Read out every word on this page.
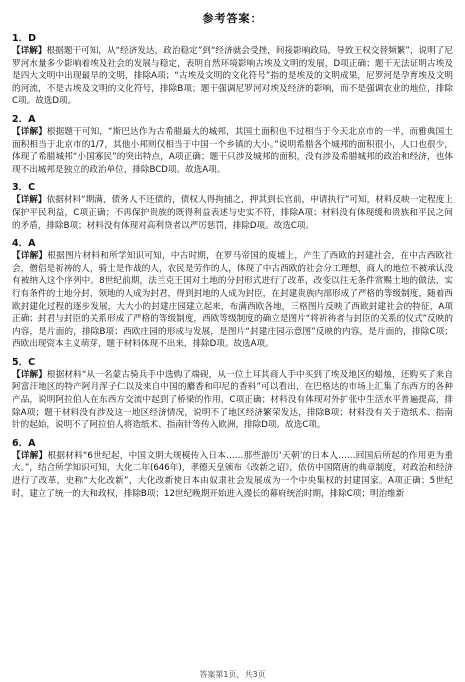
参考答案：
1．D
【详解】根据题干可知，从“经济发达，政治稳定”到“经济就会受挫，间接影响政局，导致王权交替频繁”，说明了尼罗河水量多少影响着埃及社会的发展与稳定，表明自然环境影响古埃及文明的发展，D项正确；题干无法证明古埃及是四大文明中出现最早的文明，排除A项；“古埃及文明的文化符号”指的是埃及的文明成果，尼罗河是孕育埃及文明的河流，不是古埃及文明的文化符号，排除B项；题干强调尼罗河对埃及经济的影响，而不是强调农业的地位，排除C项。故选D项。
2．A
【详解】根据题干可知，“斯巴达作为古希腊最大的城邦，其国土面积也不过相当于今天北京市的一半，而雅典国土面积相当于北京市的1/7，其他小邦则仅相当于中国一个乡镇的大小。”说明希腊各个城邦的面积很小，人口也很少，体现了希腊城邦“小国寡民”的突出特点，A项正确；题干只涉及城邦的面积，没有涉及希腊城邦的政治和经济，也体现不出城邦是独立的政治单位，排除BCD项。故选A项。
3．C
【详解】依据材料“期满，债务人不还债的，债权人得拘捕之，押其到长官前，申请执行”可知，材料反映一定程度上保护平民利益，C项正确；不再保护贵族的既得利益表述与史实不符，排除A项；材料没有体现缓和贵族和平民之间的矛盾，排除B项；材料没有体现对高利贷者以严厉惩罚，排除D项。故选C项。
4．A
【详解】根据图片材料和所学知识可知，中古时期，在罗马帝国的废墟上，产生了西欧的封建社会，在中古西欧社会，僧侣是祈祷的人，骑士是作战的人，农民是劳作的人，体现了中古西欧的社会分工理想，商人的地位不被承认没有被纳入这个序列中。8世纪前期，法兰克王国对土地的分封形式进行了改革，改变以往无条件赏赐土地的做法，实行有条件的土地分封，领地的人成为封君，得到封地的人成为封臣，在封建贵族内部形成了严格的等级制度，随着西欧封建化过程的逐步发展，大大小的封建庄园建立起来，布满西欧各地，三格图片反映了西欧封建社会的特征，A项正确；封君与封臣的关系形成了严格的等级制度，西欧等级制度的确立是图片“将祈祷者与封臣的关系的仪式”反映的内容，是片面的，排除B项；西欧庄园的形成与发展，是图片“封建庄园示意图”反映的内容，是片面的，排除C项；西欧出现资本主义萌芽，题干材料体现不出来，排除D项。故选A项。
5．C
【详解】根据材料“从一名蒙古骑兵手中选购了端砚，从一位土耳其商人手中买到了埃及地区的蜡烛，还购买了来自阿富汗地区的特产阿月浑子仁以及来自中国的麝香和印尼的香料”可以看出，在巴格达的市场上汇集了东西方的各种产品，说明阿拉伯人在东西方交流中起到了桥梁的作用，C项正确；材料没有体现对外扩张中生活水平普遍提高，排除A项；题干材料没有涉及这一地区经济情况，说明不了地区经济繁荣发达，排除B项；材料没有关于造纸术、指南针的起始，说明不了阿拉伯人将造纸术、指南针等传入欧洲，排除D项。故选C项。
6．A
【详解】根据材料“6世纪起，中国文明大规模传入日本……那些游历‘天朝’的日本人……回国后所起的作用更为重大。”，结合所学知识可知，大化二年(646年)，孝德天皇颁布《改新之诏》，依仿中国隋唐的典章制度，对政治和经济进行了改革，史称“大化改新”，大化改新使日本由奴隶社会发展成为一个中央集权的封建国家。A项正确；5世纪时，建立了统一的大和政权，排除B项；12世纪晚期开始进入漫长的幕府统治时期，排除C项；明治维新
答案第1页，共3页
